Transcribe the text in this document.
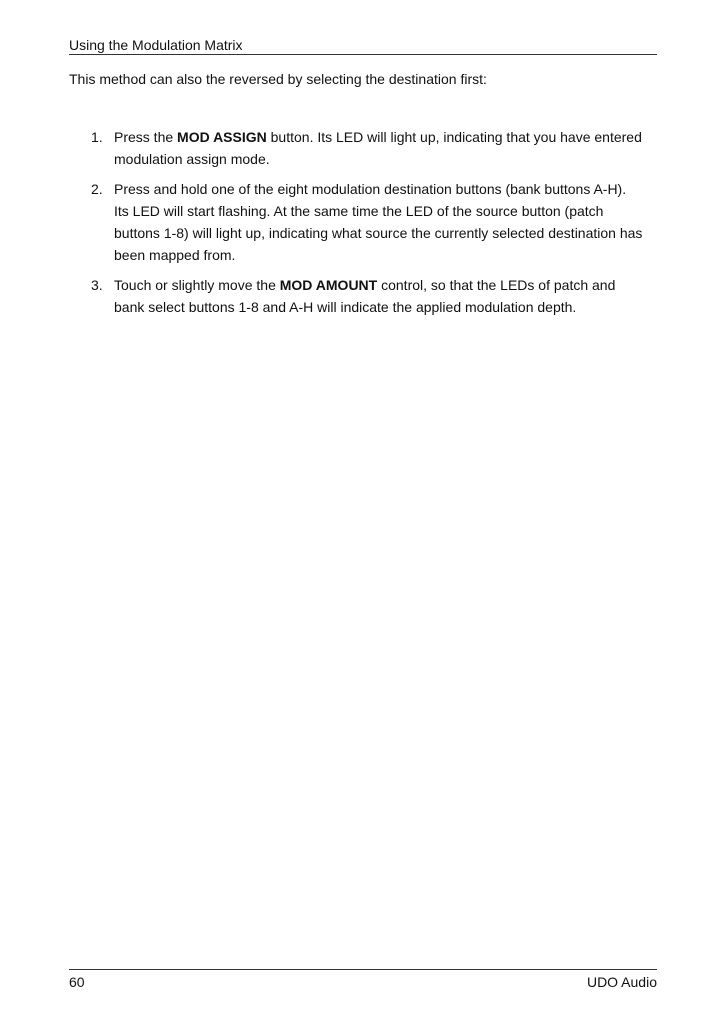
Using the Modulation Matrix

This method can also the reversed by selecting the destination first:

1. Press the MOD ASSIGN button. Its LED will light up, indicating that you have entered modulation assign mode.
2. Press and hold one of the eight modulation destination buttons (bank buttons A-H). Its LED will start flashing. At the same time the LED of the source button (patch buttons 1-8) will light up, indicating what source the currently selected destination has been mapped from.
3. Touch or slightly move the MOD AMOUNT control, so that the LEDs of patch and bank select buttons 1-8 and A-H will indicate the applied modulation depth.
60	UDO Audio
